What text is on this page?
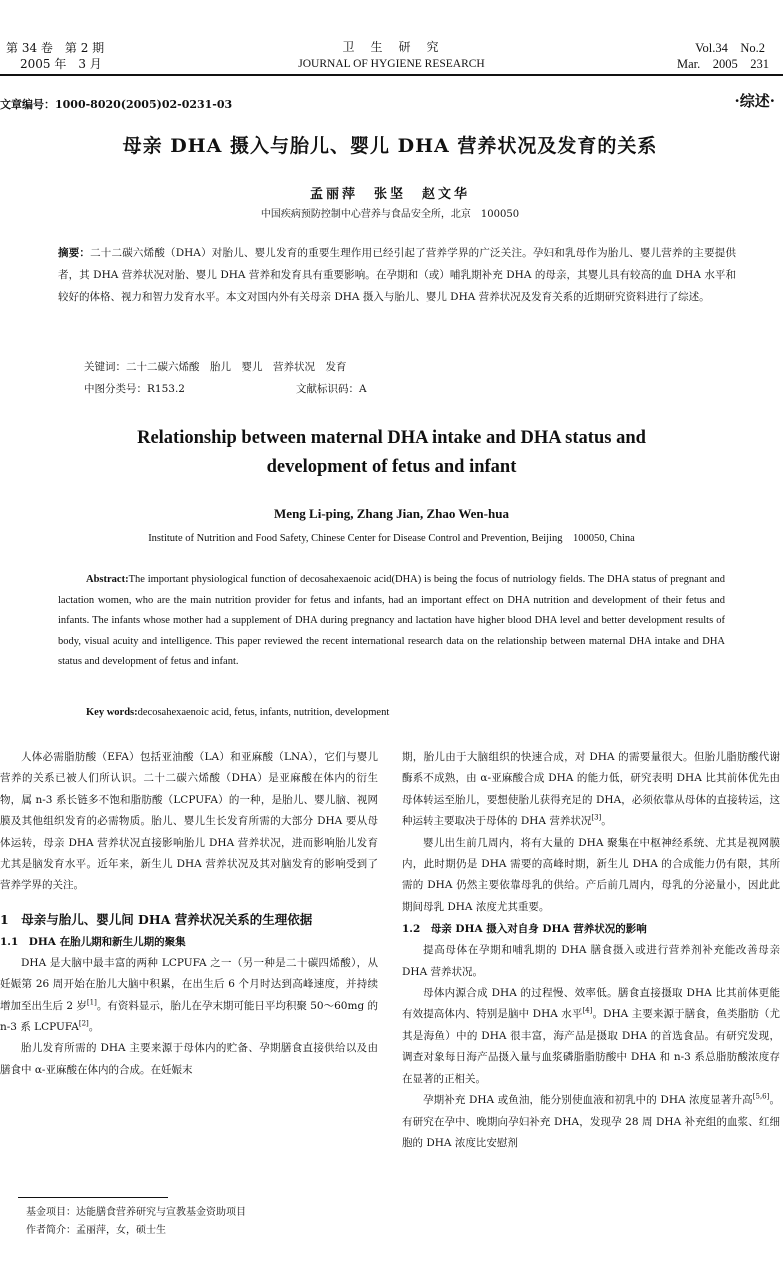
第 34 卷　第 2 期
2005 年　3 月
卫　生　研　究
JOURNAL OF HYGIENE RESEARCH
Vol.34　No.2
Mar.　2005　231
文章编号：1000-8020(2005)02-0231-03	·综述·
母亲 DHA 摄入与胎儿、婴儿 DHA 营养状况及发育的关系
孟丽萍　张坚　赵文华
中国疾病预防控制中心营养与食品安全所，北京　100050
摘要：二十二碳六烯酸（DHA）对胎儿、婴儿发育的重要生理作用已经引起了营养学界的广泛关注。孕妇和乳母作为胎儿、婴儿营养的主要提供者，其 DHA 营养状况对胎、婴儿 DHA 营养和发育具有重要影响。在孕期和（或）哺乳期补充 DHA 的母亲，其婴儿具有较高的血 DHA 水平和较好的体格、视力和智力发育水平。本文对国内外有关母亲 DHA 摄入与胎儿、婴儿 DHA 营养状况及发育关系的近期研究资料进行了综述。
关键词：二十二碳六烯酸　胎儿　婴儿　营养状况　发育
中图分类号：R153.2	文献标识码：A
Relationship between maternal DHA intake and DHA status and
development of fetus and infant
Meng Li-ping, Zhang Jian, Zhao Wen-hua
Institute of Nutrition and Food Safety, Chinese Center for Disease Control and Prevention, Beijing　100050, China
Abstract:The important physiological function of decosahexaenoic acid(DHA) is being the focus of nutriology fields. The DHA status of pregnant and lactation women, who are the main nutrition provider for fetus and infants, had an important effect on DHA nutrition and development of their fetus and infants. The infants whose mother had a supplement of DHA during pregnancy and lactation have higher blood DHA level and better development results of body, visual acuity and intelligence. This paper reviewed the recent international research data on the relationship between maternal DHA intake and DHA status and development of fetus and infant.
Key words:decosahexaenoic acid, fetus, infants, nutrition, development

人体必需脂肪酸（EFA）包括亚油酸（LA）和亚麻酸（LNA），它们与婴儿营养的关系已被人们所认识。二十二碳六烯酸（DHA）是亚麻酸在体内的衍生物，属 n-3 系长链多不饱和脂肪酸（LCPUFA）的一种，是胎儿、婴儿脑、视网膜及其他组织发育的必需物质。胎儿、婴儿生长发育所需的大部分 DHA 要从母体运转，母亲 DHA 营养状况直接影响胎儿 DHA 营养状况，进而影响胎儿发育尤其是脑发育水平。近年来，新生儿 DHA 营养状况及其对脑发育的影响受到了营养学界的关注。

1　母亲与胎儿、婴儿间 DHA 营养状况关系的生理依据
1.1　DHA 在胎儿期和新生儿期的聚集

DHA 是大脑中最丰富的两种 LCPUFA 之一（另一种是二十碳四烯酸），从妊娠第 26 周开始在胎儿大脑中积累，在出生后 6 个月时达到高峰速度，并持续增加至出生后 2 岁[1]。有资料显示，胎儿在孕末期可能日平均积聚 50～60mg 的 n-3 系 LCPUFA[2]。

胎儿发育所需的 DHA 主要来源于母体内的贮备、孕期膳食直接供给以及由膳食中 α-亚麻酸在体内的合成。在妊娠末

基金项目：达能膳食营养研究与宣教基金资助项目
作者简介：孟丽萍，女，硕士生

期，胎儿由于大脑组织的快速合成，对 DHA 的需要量很大。但胎儿脂肪酸代谢酶系不成熟，由 α-亚麻酸合成 DHA 的能力低，研究表明 DHA 比其前体优先由母体转运至胎儿，要想使胎儿获得充足的 DHA，必须依靠从母体的直接转运，这种运转主要取决于母体的 DHA 营养状况[3]。

婴儿出生前几周内，将有大量的 DHA 聚集在中枢神经系统、尤其是视网膜内，此时期仍是 DHA 需要的高峰时期，新生儿 DHA 的合成能力仍有限，其所需的 DHA 仍然主要依靠母乳的供给。产后前几周内，母乳的分泌量小，因此此期间母乳 DHA 浓度尤其重要。

1.2　母亲 DHA 摄入对自身 DHA 营养状况的影响

提高母体在孕期和哺乳期的 DHA 膳食摄入或进行营养剂补充能改善母亲 DHA 营养状况。

母体内源合成 DHA 的过程慢、效率低。膳食直接摄取 DHA 比其前体更能有效提高体内、特别是脑中 DHA 水平[4]。DHA 主要来源于膳食，鱼类脂肪（尤其是海鱼）中的 DHA 很丰富，海产品是摄取 DHA 的首选食品。有研究发现，调查对象每日海产品摄入量与血浆磷脂脂肪酸中 DHA 和 n-3 系总脂肪酸浓度存在显著的正相关。

孕期补充 DHA 或鱼油，能分别使血液和初乳中的 DHA 浓度显著升高[5,6]。有研究在孕中、晚期向孕妇补充 DHA，发现孕 28 周 DHA 补充组的血浆、红细胞的 DHA 浓度比安慰剂
